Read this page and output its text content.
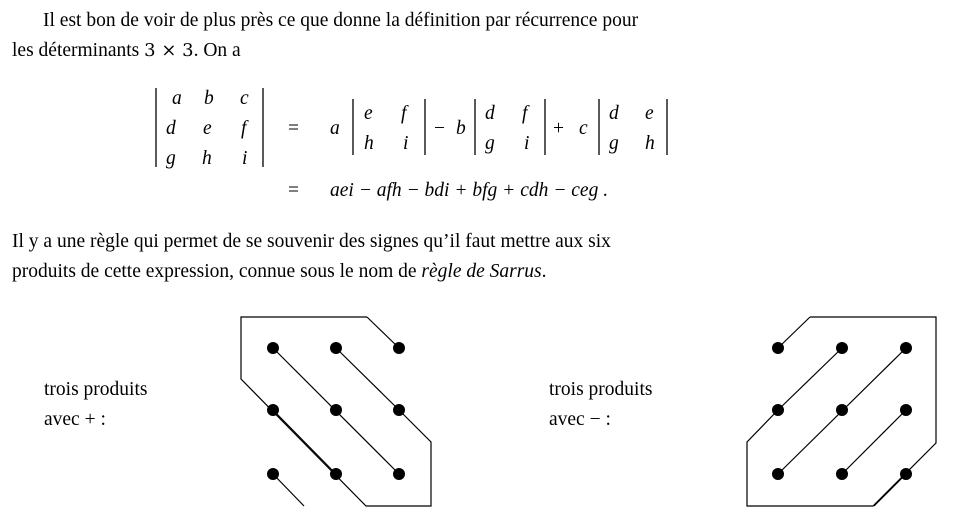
Il est bon de voir de plus près ce que donne la définition par récurrence pour
les déterminants 3 × 3. On a
a b c
d e f
g h i
a
e f
h i
b
d f
g i
c
d e
g h
aei − afh − bdi + bfg + cdh − ceg .
=
=
−	+
Il y a une règle qui permet de se souvenir des signes qu’il faut mettre aux six
produits de cette expression, connue sous le nom de règle de Sarrus.
trois produits
avec + :
trois produits
avec − :
